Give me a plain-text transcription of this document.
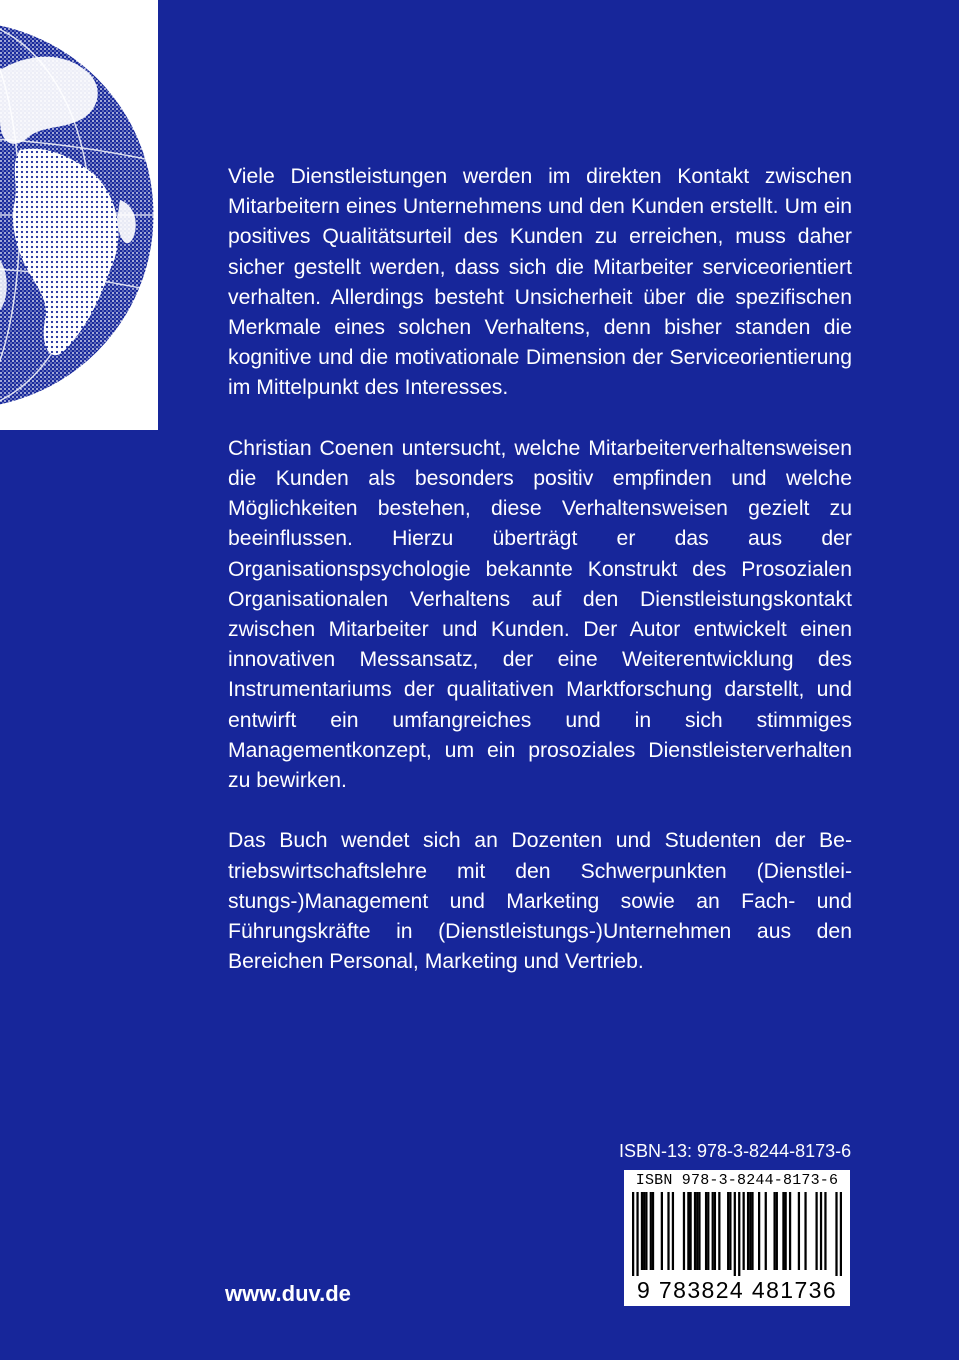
Viele Dienstleistungen werden im direkten Kontakt zwischen Mitarbeitern eines Unternehmens und den Kunden erstellt. Um ein positives Qualitätsurteil des Kunden zu erreichen, muss daher sicher gestellt werden, dass sich die Mitarbeiter serviceorientiert verhalten. Allerdings besteht Unsicherheit über die spezifischen Merkmale eines solchen Verhaltens, denn bisher standen die kognitive und die motivationale Dimension der Serviceorientierung im Mittelpunkt des Interesses.

Christian Coenen untersucht, welche Mitarbeiterverhaltensweisen die Kunden als besonders positiv empfinden und welche Möglichkeiten bestehen, diese Verhaltensweisen gezielt zu beeinflussen. Hierzu überträgt er das aus der Organisationspsychologie bekannte Konstrukt des Prosozialen Organisationalen Verhaltens auf den Dienstleistungskontakt zwischen Mitarbeiter und Kunden. Der Autor entwickelt einen innovativen Messansatz, der eine Weiterentwicklung des Instrumentariums der qualitativen Marktforschung darstellt, und entwirft ein umfangreiches und in sich stimmiges Managementkonzept, um ein prosoziales Dienstleisterverhalten zu bewirken.

Das Buch wendet sich an Dozenten und Studenten der Betriebswirtschaftslehre mit den Schwerpunkten (Dienstleistungs-)Management und Marketing sowie an Fach- und Führungskräfte in (Dienstleistungs-)Unternehmen aus den Bereichen Personal, Marketing und Vertrieb.

ISBN-13: 978-3-8244-8173-6
ISBN 978-3-8244-8173-6
9 783824 481736
www.duv.de
